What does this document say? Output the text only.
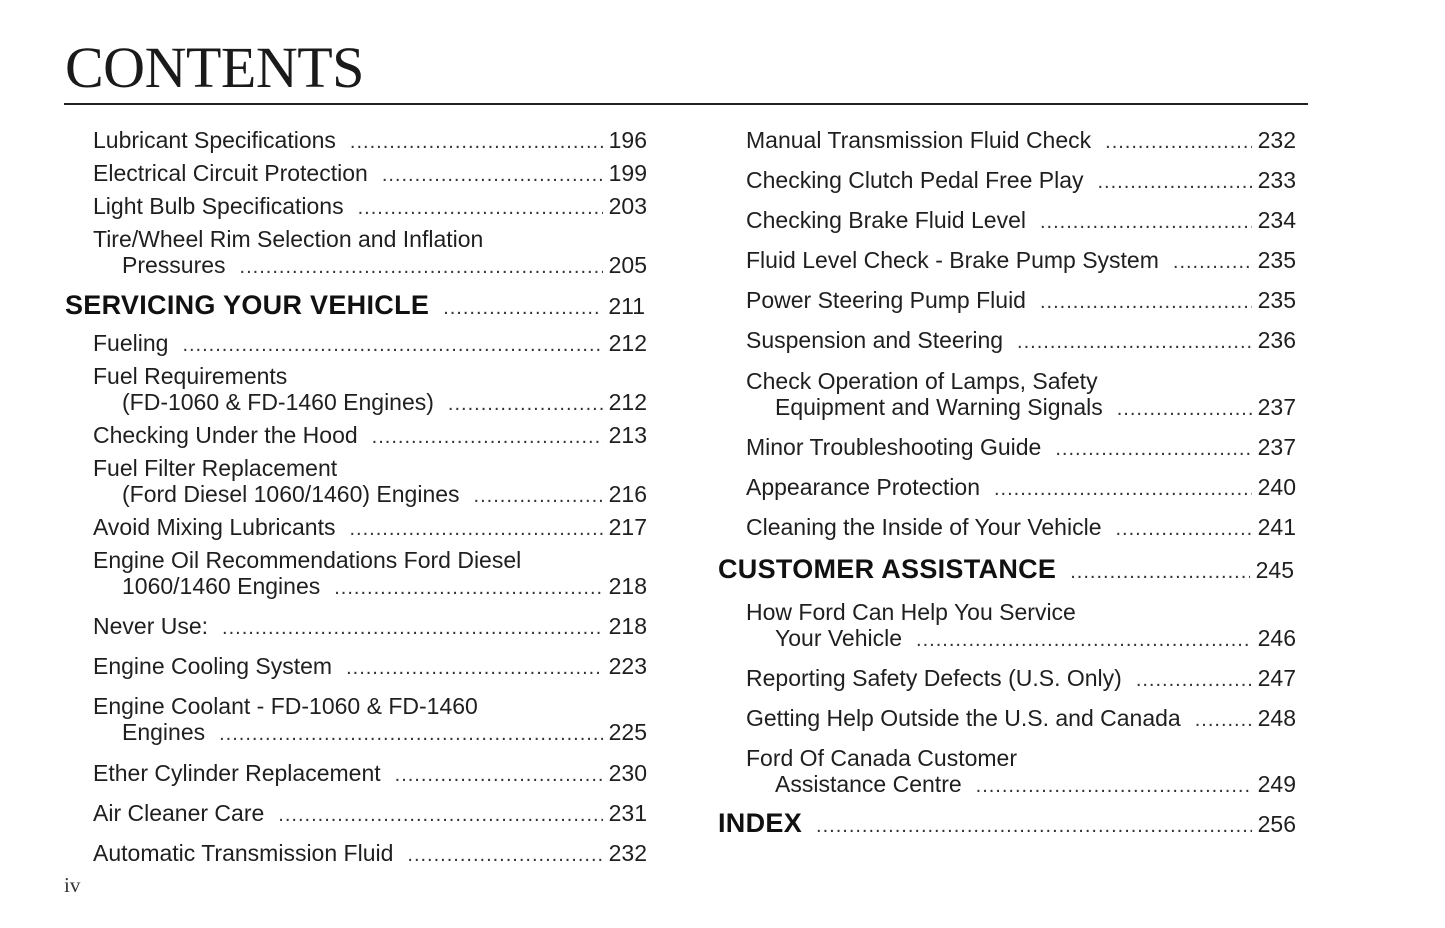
CONTENTS
Lubricant Specifications .....	196
Electrical Circuit Protection .....	199
Light Bulb Specifications .....	203
Tire/Wheel Rim Selection and Inflation
Pressures .....	205
SERVICING YOUR VEHICLE .....	211
Fueling .....	212
Fuel Requirements
(FD-1060 & FD-1460 Engines) .....	212
Checking Under the Hood .....	213
Fuel Filter Replacement
(Ford Diesel 1060/1460) Engines .....	216
Avoid Mixing Lubricants .....	217
Engine Oil Recommendations Ford Diesel
1060/1460 Engines .....	218
Never Use: .....	218
Engine Cooling System .....	223
Engine Coolant - FD-1060 & FD-1460
Engines .....	225
Ether Cylinder Replacement .....	230
Air Cleaner Care .....	231
Automatic Transmission Fluid .....	232
Manual Transmission Fluid Check .....	232
Checking Clutch Pedal Free Play .....	233
Checking Brake Fluid Level .....	234
Fluid Level Check - Brake Pump System .....	235
Power Steering Pump Fluid .....	235
Suspension and Steering .....	236
Check Operation of Lamps, Safety
Equipment and Warning Signals .....	237
Minor Troubleshooting Guide .....	237
Appearance Protection .....	240
Cleaning the Inside of Your Vehicle .....	241
CUSTOMER ASSISTANCE .....	245
How Ford Can Help You Service
Your Vehicle .....	246
Reporting Safety Defects (U.S. Only) .....	247
Getting Help Outside the U.S. and Canada .....	248
Ford Of Canada Customer
Assistance Centre .....	249
INDEX .....	256
iv
